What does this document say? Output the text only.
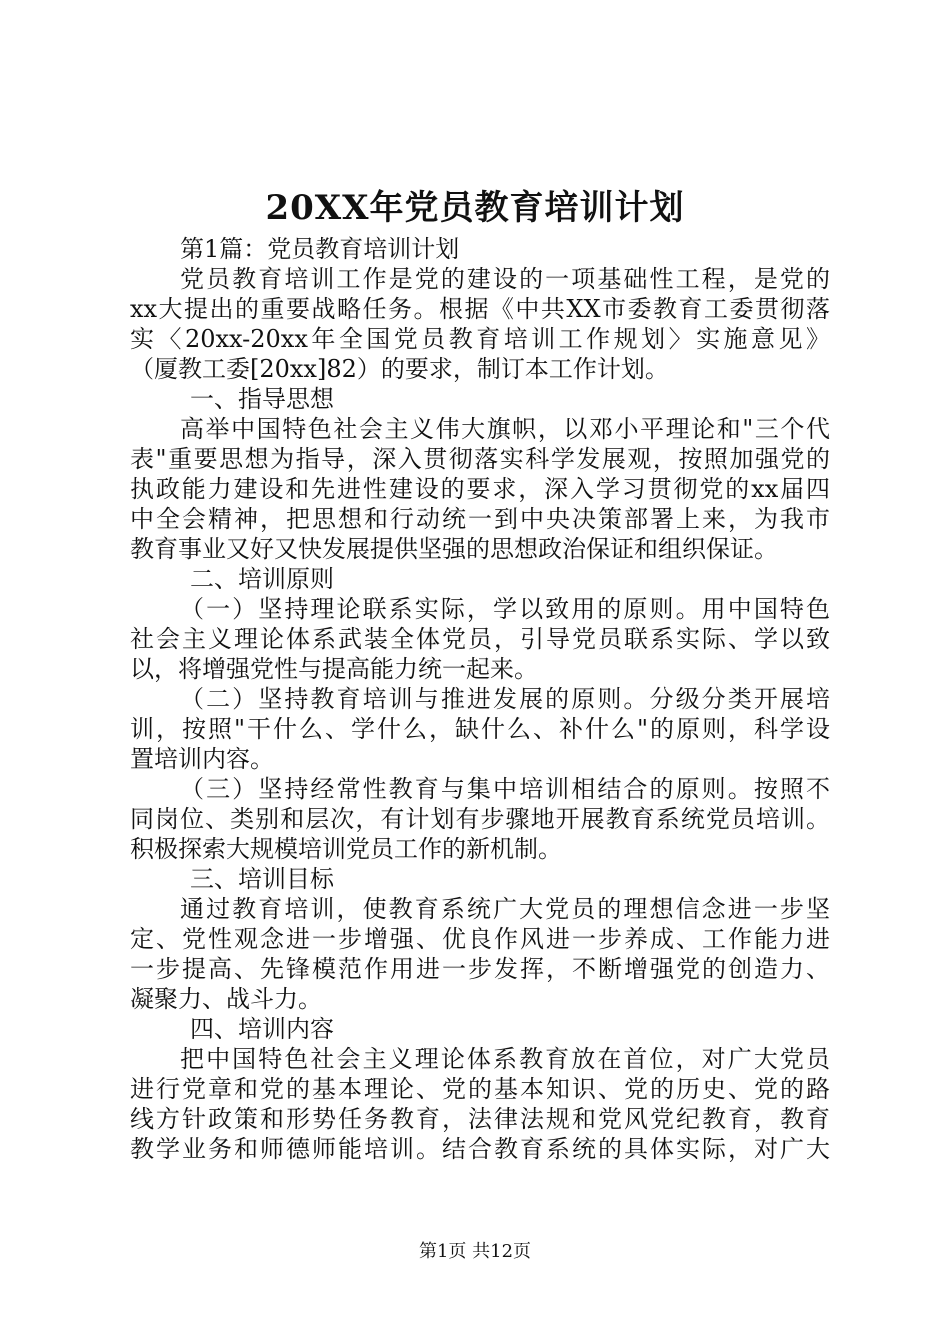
20XX年党员教育培训计划
第1篇：党员教育培训计划
党员教育培训工作是党的建设的一项基础性工程，是党的
xx大提出的重要战略任务。根据《中共XX市委教育工委贯彻落
实〈20xx-20xx年全国党员教育培训工作规划〉实施意见》
（厦教工委[20xx]82）的要求，制订本工作计划。
一、指导思想
高举中国特色社会主义伟大旗帜，以邓小平理论和"三个代
表"重要思想为指导，深入贯彻落实科学发展观，按照加强党的
执政能力建设和先进性建设的要求，深入学习贯彻党的xx届四
中全会精神，把思想和行动统一到中央决策部署上来，为我市
教育事业又好又快发展提供坚强的思想政治保证和组织保证。
二、培训原则
（一）坚持理论联系实际，学以致用的原则。用中国特色
社会主义理论体系武装全体党员，引导党员联系实际、学以致
以，将增强党性与提高能力统一起来。
（二）坚持教育培训与推进发展的原则。分级分类开展培
训，按照"干什么、学什么，缺什么、补什么"的原则，科学设
置培训内容。
（三）坚持经常性教育与集中培训相结合的原则。按照不
同岗位、类别和层次，有计划有步骤地开展教育系统党员培训。
积极探索大规模培训党员工作的新机制。
三、培训目标
通过教育培训，使教育系统广大党员的理想信念进一步坚
定、党性观念进一步增强、优良作风进一步养成、工作能力进
一步提高、先锋模范作用进一步发挥，不断增强党的创造力、
凝聚力、战斗力。
四、培训内容
把中国特色社会主义理论体系教育放在首位，对广大党员
进行党章和党的基本理论、党的基本知识、党的历史、党的路
线方针政策和形势任务教育，法律法规和党风党纪教育，教育
教学业务和师德师能培训。结合教育系统的具体实际，对广大
第1页 共12页
